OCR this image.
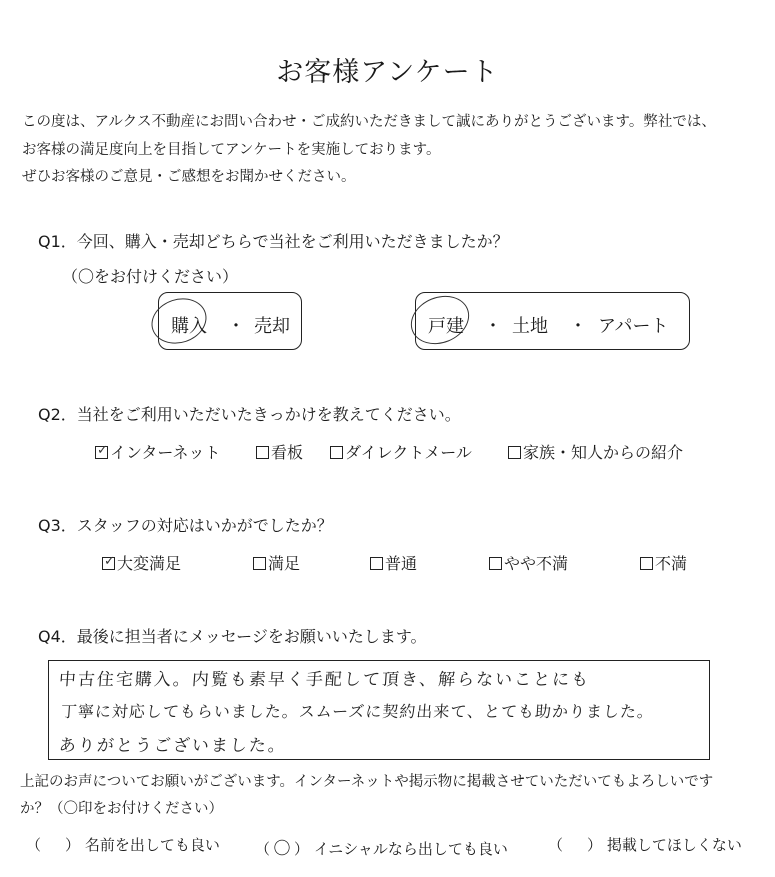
お客様アンケート
この度は、アルクス不動産にお問い合わせ・ご成約いただきまして誠にありがとうございます。弊社では、
お客様の満足度向上を目指してアンケートを実施しております。
ぜひお客様のご意見・ご感想をお聞かせください。
Q1．今回、購入・売却どちらで当社をご利用いただきましたか？
（〇をお付けください）
購入 ・ 売却	戸建 ・ 土地 ・ アパート
Q2．当社をご利用いただいたきっかけを教えてください。
✓ インターネット	看板	ダイレクトメール	家族・知人からの紹介
Q3．スタッフの対応はいかがでしたか？
✓ 大変満足	満足	普通	やや不満	不満
Q4．最後に担当者にメッセージをお願いいたします。
中古住宅購入。内覧も素早く手配して頂き、解らないことにも
丁寧に対応してもらいました。スムーズに契約出来て、とても助かりました。
ありがとうございました。
上記のお声についてお願いがございます。インターネットや掲示物に掲載させていただいてもよろしいです
か？（〇印をお付けください）
（ ） 名前を出しても良い （ 〇 ） イニシャルなら出しても良い	（ ） 掲載してほしくない
